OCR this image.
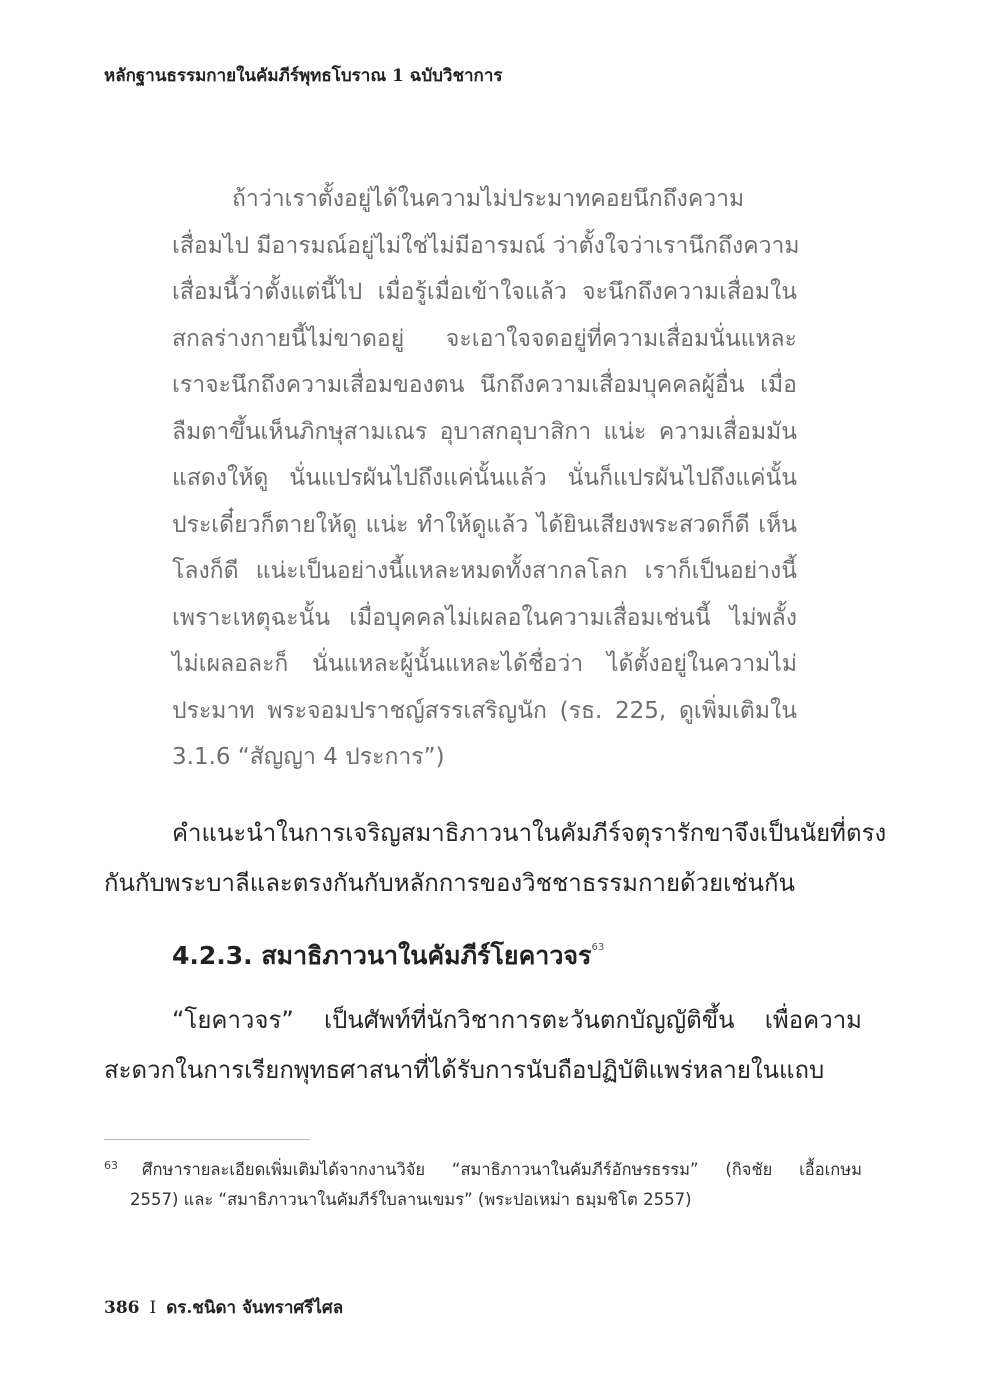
หลักฐานธรรมกายในคัมภีร์พุทธโบราณ 1 ฉบับวิชาการ
ถ้าว่าเราตั้งอยู่ได้ในความไม่ประมาทคอยนึกถึงความ
เสื่อมไป มีอารมณ์อยู่ไม่ใช่ไม่มีอารมณ์ ว่าตั้งใจว่าเรานึกถึงความ
เสื่อมนี้ว่าตั้งแต่นี้ไป เมื่อรู้เมื่อเข้าใจแล้ว จะนึกถึงความเสื่อมใน
สกลร่างกายนี้ไม่ขาดอยู่ จะเอาใจจดอยู่ที่ความเสื่อมนั่นแหละ
เราจะนึกถึงความเสื่อมของตน นึกถึงความเสื่อมบุคคลผู้อื่น เมื่อ
ลืมตาขึ้นเห็นภิกษุสามเณร อุบาสกอุบาสิกา แน่ะ ความเสื่อมมัน
แสดงให้ดู นั่นแปรผันไปถึงแค่นั้นแล้ว นั่นก็แปรผันไปถึงแค่นั้น
ประเดี๋ยวก็ตายให้ดู แน่ะ ทำให้ดูแล้ว ได้ยินเสียงพระสวดก็ดี เห็น
โลงก็ดี แน่ะเป็นอย่างนี้แหละหมดทั้งสากลโลก เราก็เป็นอย่างนี้
เพราะเหตุฉะนั้น เมื่อบุคคลไม่เผลอในความเสื่อมเช่นนี้ ไม่พลั้ง
ไม่เผลอละก็ นั่นแหละผู้นั้นแหละได้ชื่อว่า ได้ตั้งอยู่ในความไม่
ประมาท พระจอมปราชญ์สรรเสริญนัก (รธ. 225, ดูเพิ่มเติมใน
3.1.6 “สัญญา 4 ประการ”)
คำแนะนำในการเจริญสมาธิภาวนาในคัมภีร์จตุรารักขาจึงเป็นนัยที่ตรง
กันกับพระบาลีและตรงกันกับหลักการของวิชชาธรรมกายด้วยเช่นกัน
4.2.3. สมาธิภาวนาในคัมภีร์โยคาวจร$^{63}$
“โยคาวจร” เป็นศัพท์ที่นักวิชาการตะวันตกบัญญัติขึ้น เพื่อความ
สะดวกในการเรียกพุทธศาสนาที่ได้รับการนับถือปฏิบัติแพร่หลายในแถบ
63	ศึกษารายละเอียดเพิ่มเติมได้จากงานวิจัย “สมาธิภาวนาในคัมภีร์อักษรธรรม” (กิจชัย เอื้อเกษม
2557) และ “สมาธิภาวนาในคัมภีร์ใบลานเขมร” (พระปอเหม่า ธมฺมชิโต 2557)
386 I ดร.ชนิดา จันทราศรีไศล
